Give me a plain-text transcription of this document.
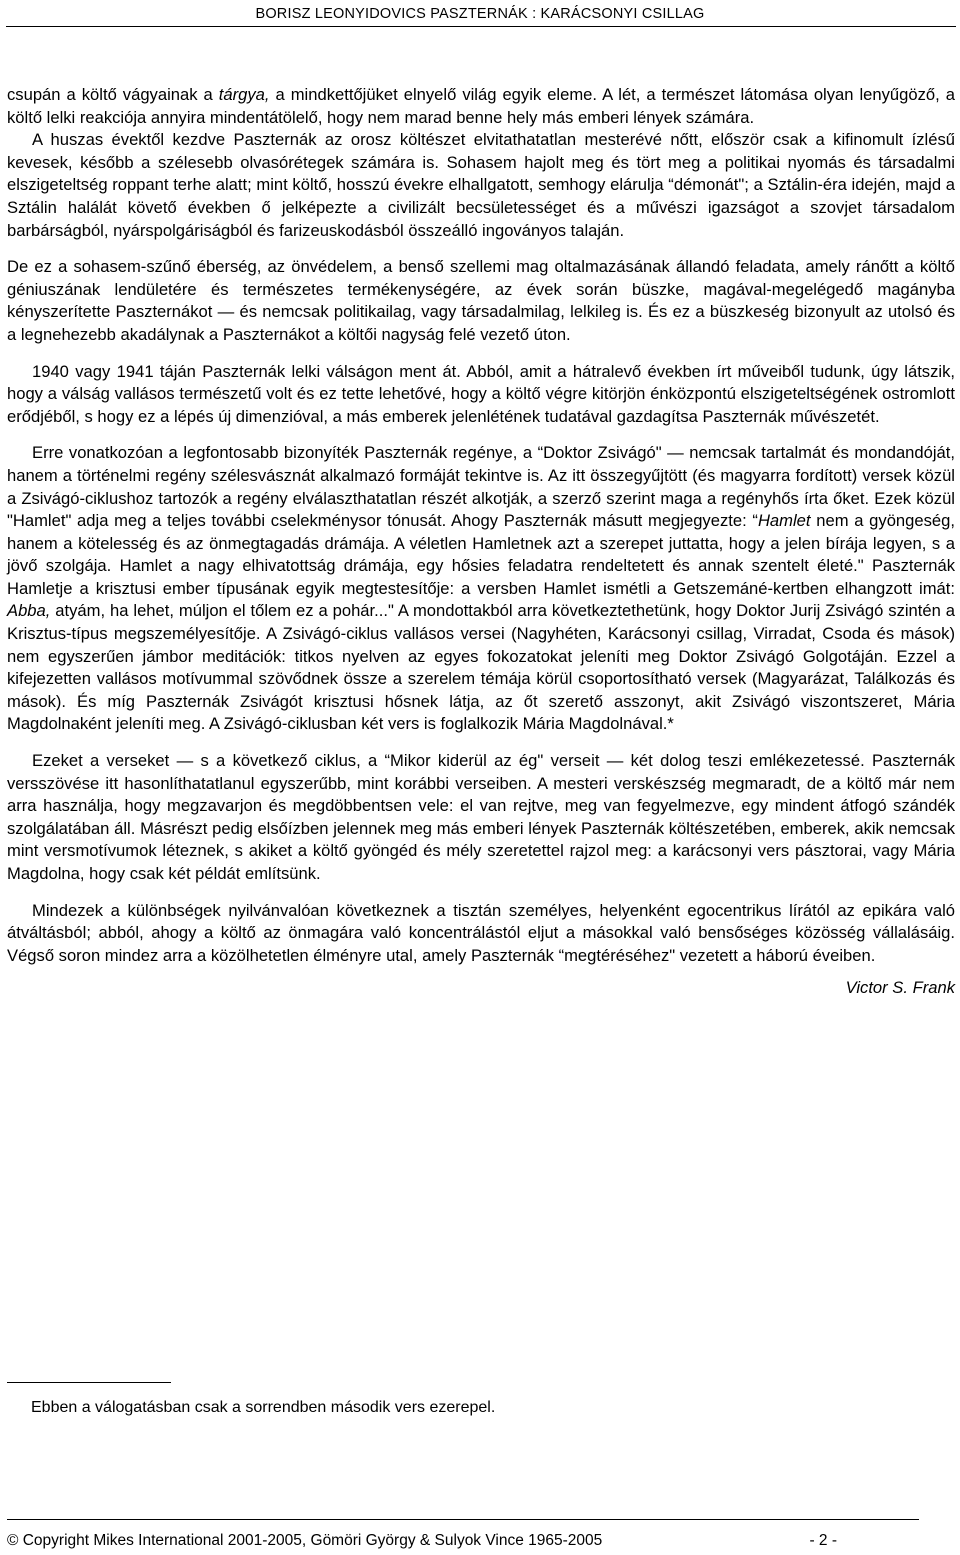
BORISZ LEONYIDOVICS PASZTERNÁK : KARÁCSONYI CSILLAG

csupán a költő vágyainak a tárgya, a mindkettőjüket elnyelő világ egyik eleme. A lét, a természet látomása olyan lenyűgöző, a költő lelki reakciója annyira mindentátölelő, hogy nem marad benne hely más emberi lények számára.

A huszas évektől kezdve Paszternák az orosz költészet elvitathatatlan mesterévé nőtt, először csak a kifinomult ízlésű kevesek, később a szélesebb olvasórétegek számára is. Sohasem hajolt meg és tört meg a politikai nyomás és társadalmi elszigeteltség roppant terhe alatt; mint költő, hosszú évekre elhallgatott, semhogy elárulja “démonát"; a Sztálin-éra idején, majd a Sztálin halálát követő években ő jelképezte a civilizált becsületességet és a művészi igazságot a szovjet társadalom barbárságból, nyárspolgáriságból és farizeuskodásból összeálló ingoványos talaján.

De ez a sohasem-szűnő éberség, az önvédelem, a benső szellemi mag oltalmazásának állandó feladata, amely ránőtt a költő géniuszának lendületére és természetes termékenységére, az évek során büszke, magával-megelégedő magányba kényszerítette Paszternákot — és nemcsak politikailag, vagy társadalmilag, lelkileg is. És ez a büszkeség bizonyult az utolsó és a legnehezebb akadálynak a Paszternákot a költői nagyság felé vezető úton.

1940 vagy 1941 táján Paszternák lelki válságon ment át. Abból, amit a hátralevő években írt műveiből tudunk, úgy látszik, hogy a válság vallásos természetű volt és ez tette lehetővé, hogy a költő végre kitörjön énközpontú elszigeteltségének ostromlott erődjéből, s hogy ez a lépés új dimenzióval, a más emberek jelenlétének tudatával gazdagítsa Paszternák művészetét.

Erre vonatkozóan a legfontosabb bizonyíték Paszternák regénye, a “Doktor Zsivágó" — nemcsak tartalmát és mondandóját, hanem a történelmi regény szélesvásznát alkalmazó formáját tekintve is. Az itt összegyűjtött (és magyarra fordított) versek közül a Zsivágó-ciklushoz tartozók a regény elválaszthatatlan részét alkotják, a szerző szerint maga a regényhős írta őket. Ezek közül "Hamlet" adja meg a teljes további cselekménysor tónusát. Ahogy Paszternák másutt megjegyezte: “Hamlet nem a gyöngeség, hanem a kötelesség és az önmegtagadás drámája. A véletlen Hamletnek azt a szerepet juttatta, hogy a jelen bírája legyen, s a jövő szolgája. Hamlet a nagy elhivatottság drámája, egy hősies feladatra rendeltetett és annak szentelt életé." Paszternák Hamletje a krisztusi ember típusának egyik megtestesítője: a versben Hamlet ismétli a Getszemáné-kertben elhangzott imát: Abba, atyám, ha lehet, múljon el tőlem ez a pohár..." A mondottakból arra következtethetünk, hogy Doktor Jurij Zsivágó szintén a Krisztus-típus megszemélyesítője. A Zsivágó-ciklus vallásos versei (Nagyhéten, Karácsonyi csillag, Virradat, Csoda és mások) nem egyszerűen jámbor meditációk: titkos nyelven az egyes fokozatokat jeleníti meg Doktor Zsivágó Golgotáján. Ezzel a kifejezetten vallásos motívummal szövődnek össze a szerelem témája körül csoportosítható versek (Magyarázat, Találkozás és mások). És míg Paszternák Zsivágót krisztusi hősnek látja, az őt szerető asszonyt, akit Zsivágó viszontszeret, Mária Magdolnaként jeleníti meg. A Zsivágó-ciklusban két vers is foglalkozik Mária Magdolnával.*

Ezeket a verseket — s a következő ciklus, a “Mikor kiderül az ég" verseit — két dolog teszi emlékezetessé. Paszternák versszövése itt hasonlíthatatlanul egyszerűbb, mint korábbi verseiben. A mesteri verskészség megmaradt, de a költő már nem arra használja, hogy megzavarjon és megdöbbentsen vele: el van rejtve, meg van fegyelmezve, egy mindent átfogó szándék szolgálatában áll. Másrészt pedig elsőízben jelennek meg más emberi lények Paszternák költészetében, emberek, akik nemcsak mint versmotívumok léteznek, s akiket a költő gyöngéd és mély szeretettel rajzol meg: a karácsonyi vers pásztorai, vagy Mária Magdolna, hogy csak két példát említsünk.

Mindezek a különbségek nyilvánvalóan következnek a tisztán személyes, helyenként egocentrikus lírától az epikára való átváltásból; abból, ahogy a költő az önmagára való koncentrálástól eljut a másokkal való bensőséges közösség vállalásáig. Végső soron mindez arra a közölhetetlen élményre utal, amely Paszternák “megtéréséhez" vezetett a háború éveiben.

Victor S. Frank
Ebben a válogatásban csak a sorrendben második vers ezerepel.
© Copyright Mikes International 2001-2005, Gömöri György & Sulyok Vince 1965-2005	- 2 -
